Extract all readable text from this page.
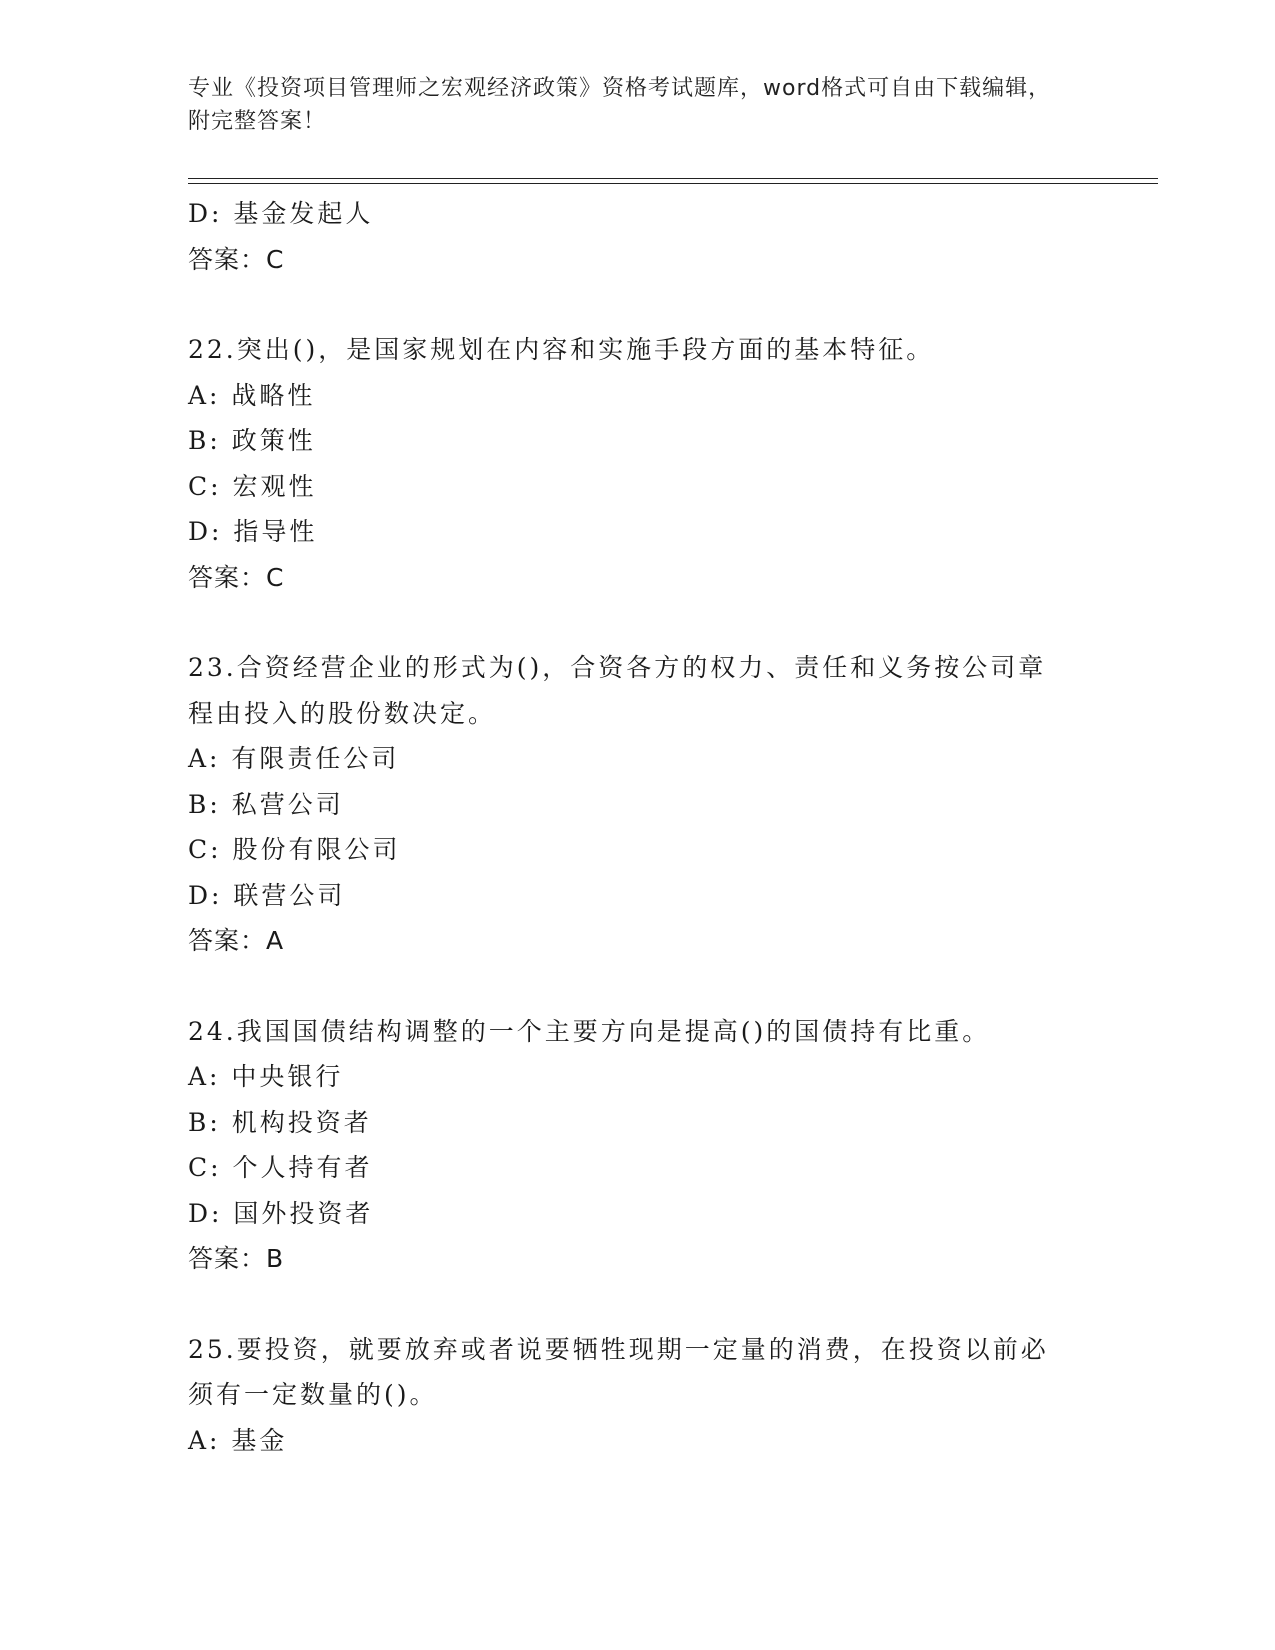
专业《投资项目管理师之宏观经济政策》资格考试题库，word格式可自由下载编辑，附完整答案！
D: 基金发起人
答案：C
22.突出()，是国家规划在内容和实施手段方面的基本特征。
A: 战略性
B: 政策性
C: 宏观性
D: 指导性
答案：C
23.合资经营企业的形式为()，合资各方的权力、责任和义务按公司章程由投入的股份数决定。
A: 有限责任公司
B: 私营公司
C: 股份有限公司
D: 联营公司
答案：A
24.我国国债结构调整的一个主要方向是提高()的国债持有比重。
A: 中央银行
B: 机构投资者
C: 个人持有者
D: 国外投资者
答案：B
25.要投资，就要放弃或者说要牺牲现期一定量的消费，在投资以前必须有一定数量的()。
A: 基金
